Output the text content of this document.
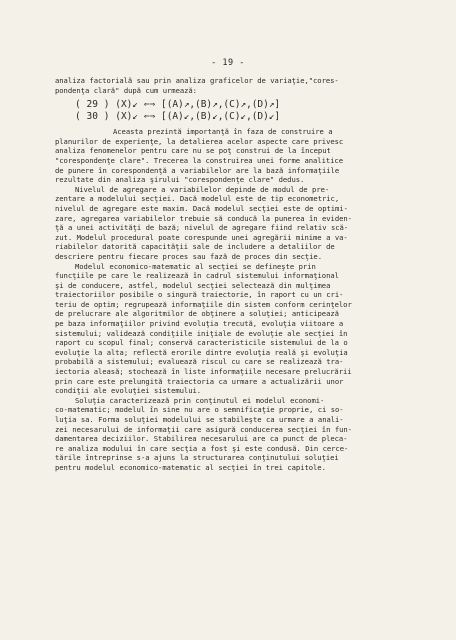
- 19 -
analiza factorială sau prin analiza graficelor de variaţie,"cores-
pondenţa clară" după cum urmează:
( 29 ) (X)↙ ⇐⇒ [(A)↗,(B)↗,(C)↗,(D)↗]
( 30 ) (X)↙ ⇐⇒ [(A)↙,(B)↙,(C)↙,(D)↙]
Aceasta prezintă importanţă în faza de construire a
planurilor de experienţe, la detalierea acelor aspecte care privesc
analiza fenomenelor pentru care nu se poţ construi de la început
"corespondenţe clare". Trecerea la construirea unei forme analitice
de punere în corespondenţă a variabilelor are la bază informaţiile
rezultate din analiza şirului "corespondenţe clare" dedus.
Nivelul de agregare a variabilelor depinde de modul de pre-
zentare a modelului secţiei. Dacă modelul este de tip econometric,
nivelul de agregare este maxim. Dacă modelul secţiei este de optimi-
zare, agregarea variabilelor trebuie să conducă la punerea în eviden-
ţă a unei activităţi de bază; nivelul de agregare fiind relativ scă-
zut. Modelul procedural poate corespunde unei agregării minime a va-
riabilelor datorită capacităţii sale de includere a detaliilor de
descriere pentru fiecare proces sau fază de proces din secţie.
Modelul economico-matematic al secţiei se defineşte prin
funcţiile pe care le realizează în cadrul sistemului informaţional
şi de conducere, astfel, modelul secţiei selectează din mulţimea
traiectoriilor posibile o singură traiectorie, în raport cu un cri-
teriu de optim; regrupează informaţiile din sistem conform cerinţelor
de prelucrare ale algoritmilor de obţinere a soluţiei; anticipează
pe baza informaţiilor privind evoluţia trecută, evoluţia viitoare a
sistemului; validează condiţiile iniţiale de evoluţie ale secţiei în
raport cu scopul final; conservă caracteristicile sistemului de la o
evoluţie la alta; reflectă erorile dintre evoluţia reală şi evoluţia
probabilă a sistemului; evaluează riscul cu care se realizează tra-
iectoria aleasă; stochează în liste informaţiile necesare prelucrării
prin care este prelungită traiectoria ca urmare a actualizării unor
condiţii ale evoluţiei sistemului.
Soluţia caracterizează prin conţinutul ei modelul economi-
co-matematic; modelul în sine nu are o semnificaţie proprie, ci so-
luţia sa. Forma soluţiei modelului se stabileşte ca urmare a anali-
zei necesarului de informaţii care asigură conducerea secţiei în fun-
damentarea deciziilor. Stabilirea necesarului are ca punct de pleca-
re analiza modului în care secţia a fost şi este condusă. Din cerce-
tările întreprinse s-a ajuns la structurarea conţinutului soluţiei
pentru modelul economico-matematic al secţiei în trei capitole.
